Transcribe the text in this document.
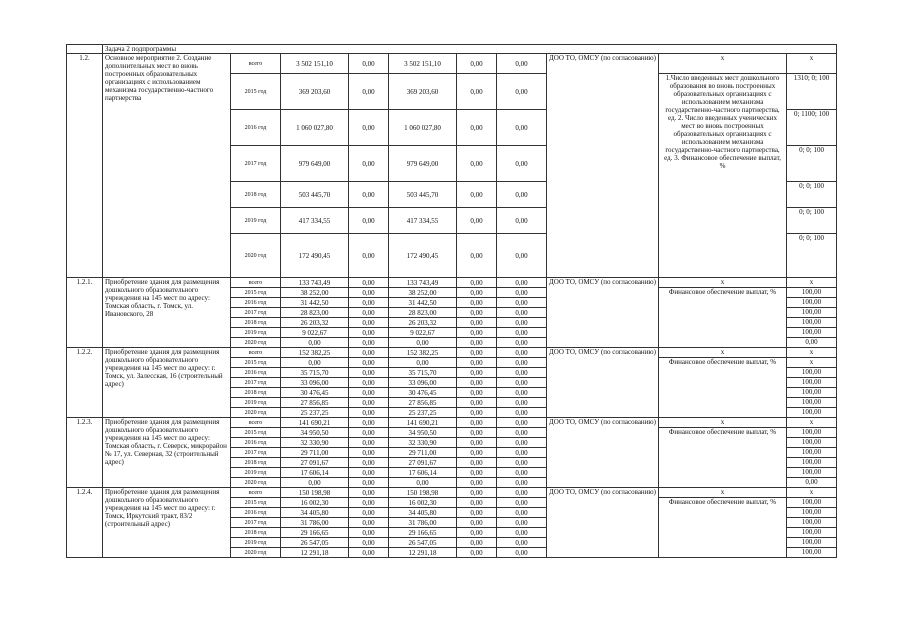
	Задача 2 подпрограммы									
1.2.	Основное мероприятие 2. Создание дополнительных мест во вновь построенных образовательных организациях с использованием механизма государственно-частного партнерства	всего	3 502 151,10	0,00	3 502 151,10	0,00	0,00	ДОО ТО, ОМСУ (по согласованию)	x	x
		2015 год	369 203,60	0,00	369 203,60	0,00	0,00		1.Число введенных мест дошкольного образования во вновь построенных образовательных организациях с использованием механизма государственно-частного партнерства, ед. 2. Число введенных ученических мест во вновь построенных образовательных организациях с использованием механизма государственно-частного партнерства, ед. 3. Финансовое обеспечение выплат, %	1310; 0; 100
		2016 год	1 060 027,80	0,00	1 060 027,80	0,00	0,00			0; 1100; 100
		2017 год	979 649,00	0,00	979 649,00	0,00	0,00			0; 0; 100
		2018 год	503 445,70	0,00	503 445,70	0,00	0,00			0; 0; 100
		2019 год	417 334,55	0,00	417 334,55	0,00	0,00			0; 0; 100
		2020 год	172 490,45	0,00	172 490,45	0,00	0,00			0; 0; 100
1.2.1.	Приобретение здания для размещения дошкольного образовательного учреждения на 145 мест по адресу: Томская область, г. Томск, ул. Ивановского, 28	всего	133 743,49	0,00	133 743,49	0,00	0,00	ДОО ТО, ОМСУ (по согласованию)	x	x
		2015 год	38 252,00	0,00	38 252,00	0,00	0,00		Финансовое обеспечение выплат, %	100,00
		2016 год	31 442,50	0,00	31 442,50	0,00	0,00			100,00
		2017 год	28 823,00	0,00	28 823,00	0,00	0,00			100,00
		2018 год	26 203,32	0,00	26 203,32	0,00	0,00			100,00
		2019 год	9 022,67	0,00	9 022,67	0,00	0,00			100,00
		2020 год	0,00	0,00	0,00	0,00	0,00			0,00
1.2.2.	Приобретение здания для размещения дошкольного образовательного учреждения на 145 мест по адресу: г. Томск, ул. Залесская, 16 (строительный адрес)	всего	152 382,25	0,00	152 382,25	0,00	0,00	ДОО ТО, ОМСУ (по согласованию)	x	x
		2015 год	0,00	0,00	0,00	0,00	0,00		Финансовое обеспечение выплат, %	x
		2016 год	35 715,70	0,00	35 715,70	0,00	0,00			100,00
		2017 год	33 096,00	0,00	33 096,00	0,00	0,00			100,00
		2018 год	30 476,45	0,00	30 476,45	0,00	0,00			100,00
		2019 год	27 856,85	0,00	27 856,85	0,00	0,00			100,00
		2020 год	25 237,25	0,00	25 237,25	0,00	0,00			100,00
1.2.3.	Приобретение здания для размещения дошкольного образовательного учреждения на 145 мест по адресу: Томская область, г. Северск, микрорайон № 17, ул. Северная, 32 (строительный адрес)	всего	141 690,21	0,00	141 690,21	0,00	0,00	ДОО ТО, ОМСУ (по согласованию)	x	x
		2015 год	34 950,50	0,00	34 950,50	0,00	0,00		Финансовое обеспечение выплат, %	100,00
		2016 год	32 330,90	0,00	32 330,90	0,00	0,00			100,00
		2017 год	29 711,00	0,00	29 711,00	0,00	0,00			100,00
		2018 год	27 091,67	0,00	27 091,67	0,00	0,00			100,00
		2019 год	17 606,14	0,00	17 606,14	0,00	0,00			100,00
		2020 год	0,00	0,00	0,00	0,00	0,00			0,00
1.2.4.	Приобретение здания для размещения дошкольного образовательного учреждения на 145 мест по адресу: г. Томск, Иркутский тракт, 83/2 (строительный адрес)	всего	150 198,98	0,00	150 198,98	0,00	0,00	ДОО ТО, ОМСУ (по согласованию)	x	x
		2015 год	16 002,30	0,00	16 002,30	0,00	0,00		Финансовое обеспечение выплат, %	100,00
		2016 год	34 405,80	0,00	34 405,80	0,00	0,00			100,00
		2017 год	31 786,00	0,00	31 786,00	0,00	0,00			100,00
		2018 год	29 166,65	0,00	29 166,65	0,00	0,00			100,00
		2019 год	26 547,05	0,00	26 547,05	0,00	0,00			100,00
		2020 год	12 291,18	0,00	12 291,18	0,00	0,00			100,00
